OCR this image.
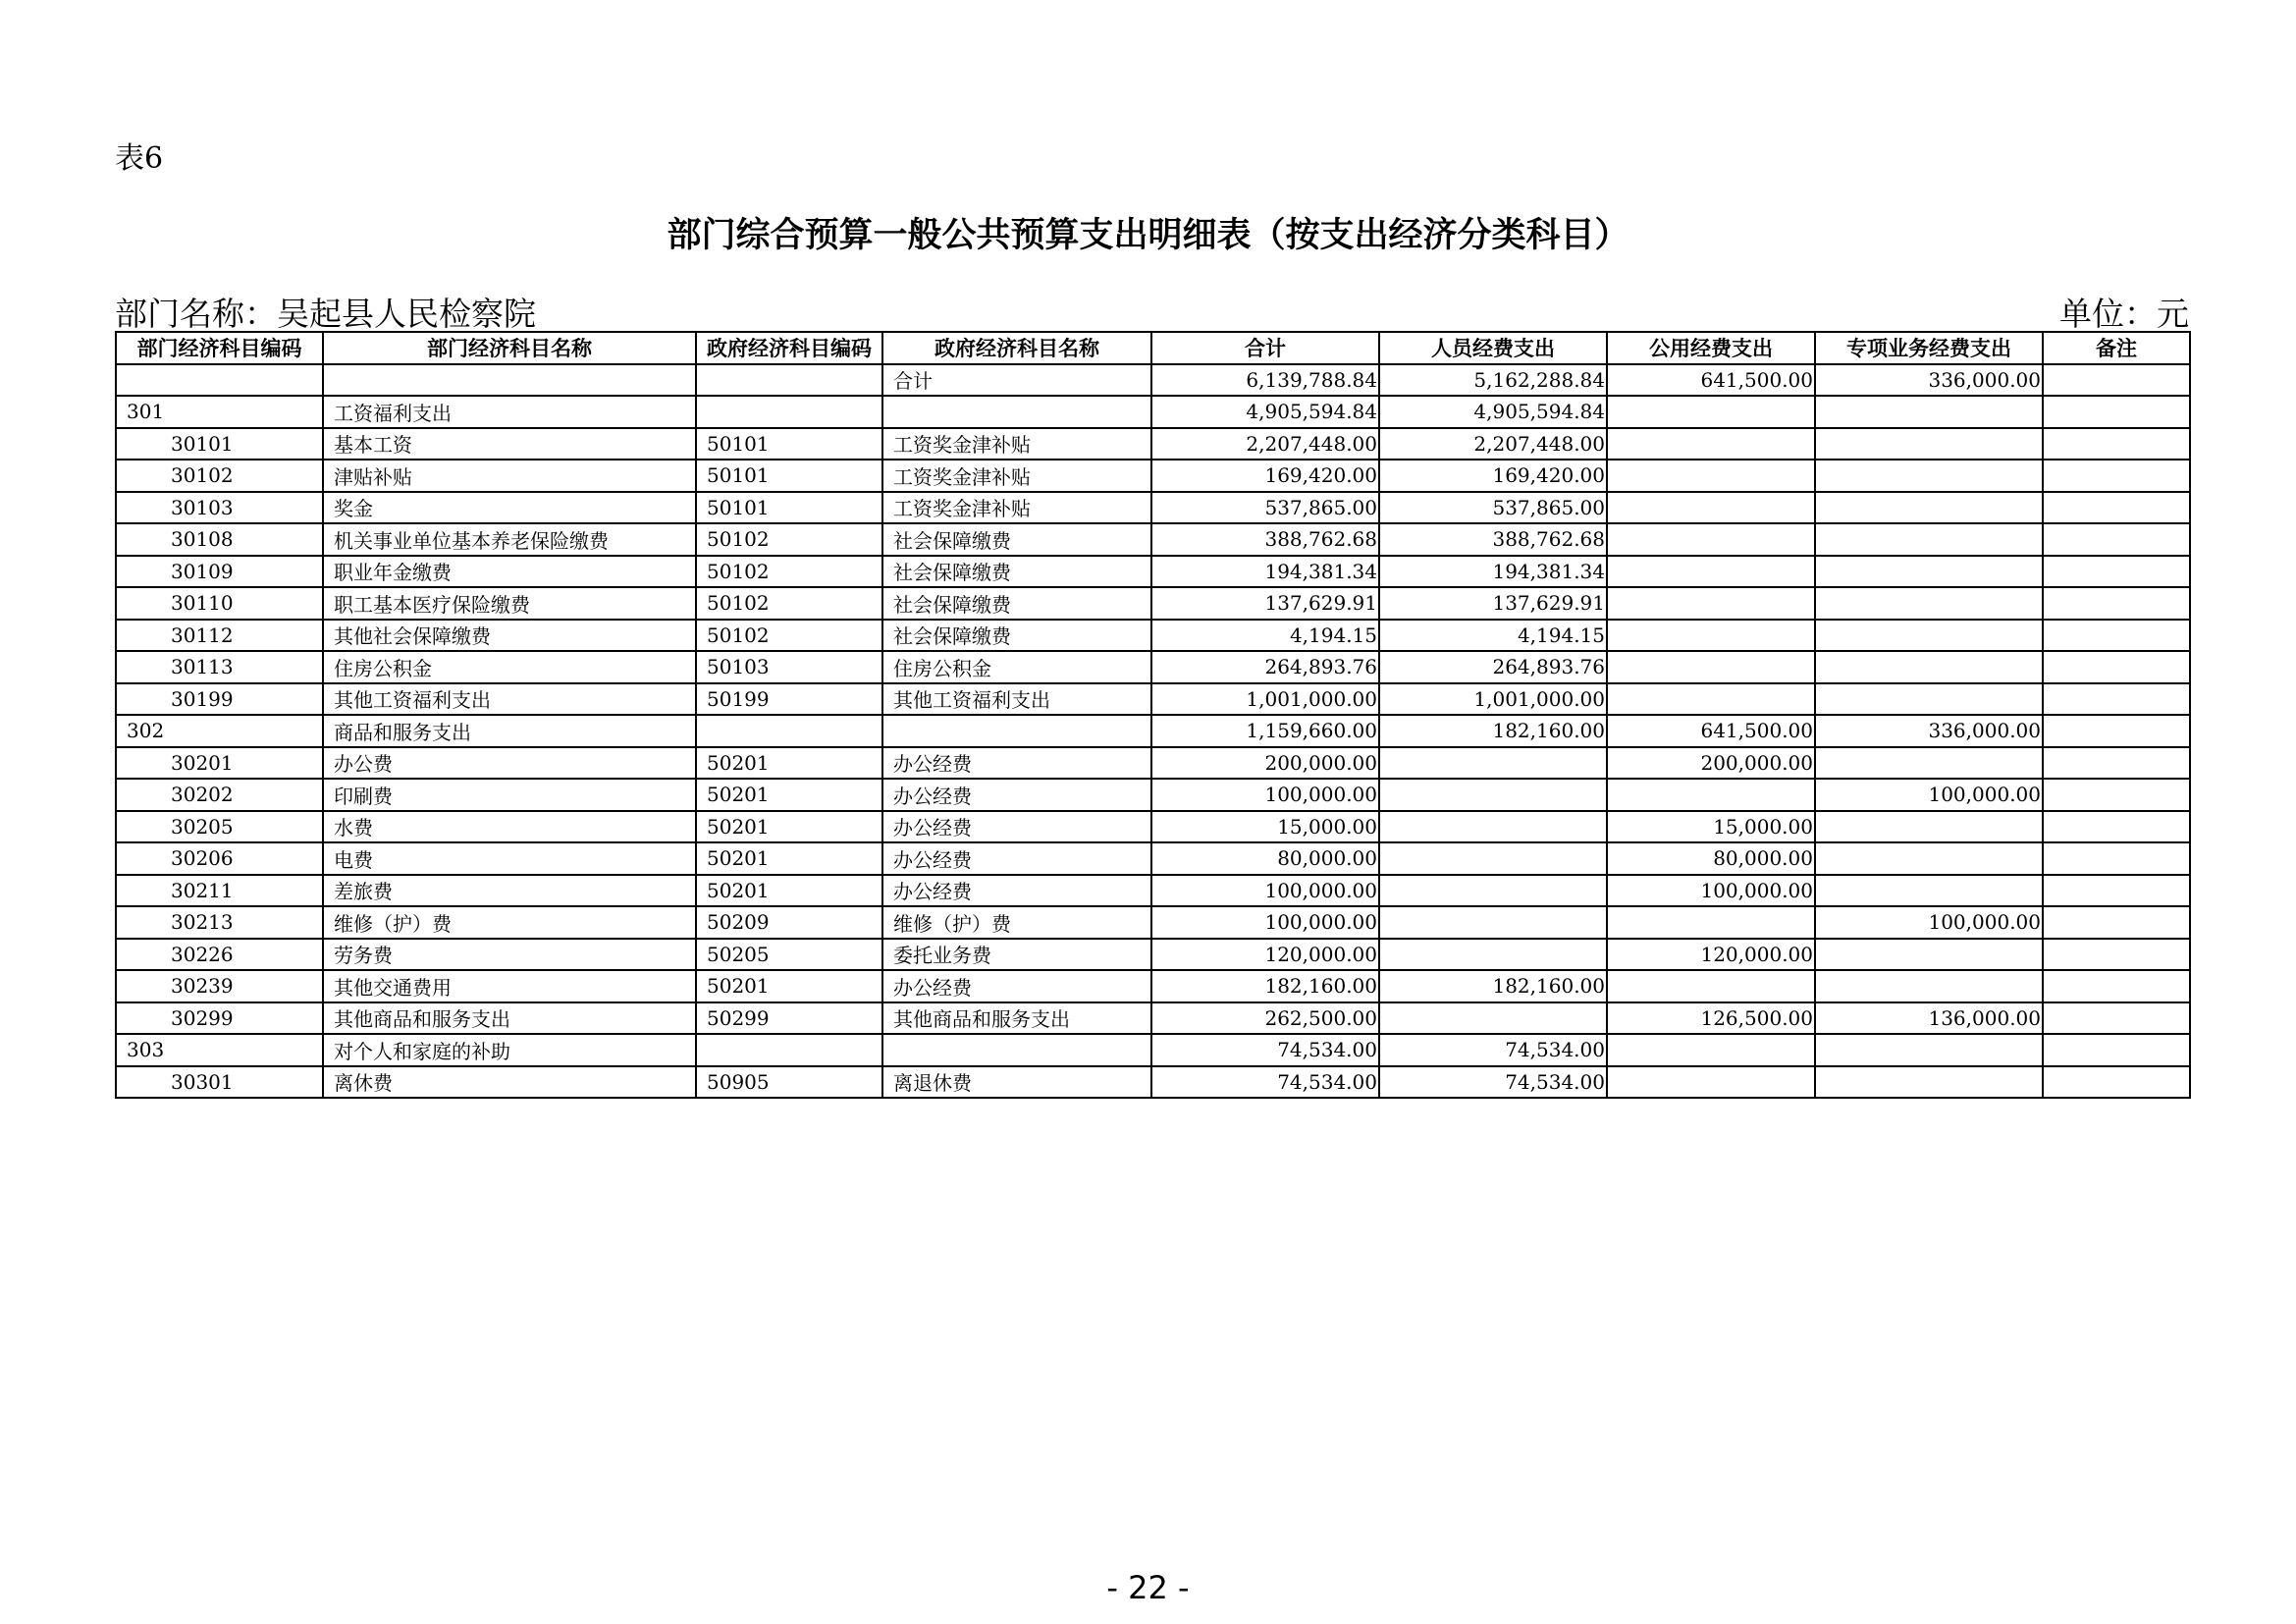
表6
部门综合预算一般公共预算支出明细表（按支出经济分类科目）
部门名称：吴起县人民检察院	单位：元
部门经济科目编码	部门经济科目名称	政府经济科目编码	政府经济科目名称	合计	人员经费支出	公用经费支出	专项业务经费支出	备注
			合计	6,139,788.84	5,162,288.84	641,500.00	336,000.00	
301	工资福利支出			4,905,594.84	4,905,594.84			
30101	基本工资	50101	工资奖金津补贴	2,207,448.00	2,207,448.00			
30102	津贴补贴	50101	工资奖金津补贴	169,420.00	169,420.00			
30103	奖金	50101	工资奖金津补贴	537,865.00	537,865.00			
30108	机关事业单位基本养老保险缴费	50102	社会保障缴费	388,762.68	388,762.68			
30109	职业年金缴费	50102	社会保障缴费	194,381.34	194,381.34			
30110	职工基本医疗保险缴费	50102	社会保障缴费	137,629.91	137,629.91			
30112	其他社会保障缴费	50102	社会保障缴费	4,194.15	4,194.15			
30113	住房公积金	50103	住房公积金	264,893.76	264,893.76			
30199	其他工资福利支出	50199	其他工资福利支出	1,001,000.00	1,001,000.00			
302	商品和服务支出			1,159,660.00	182,160.00	641,500.00	336,000.00	
30201	办公费	50201	办公经费	200,000.00		200,000.00		
30202	印刷费	50201	办公经费	100,000.00			100,000.00	
30205	水费	50201	办公经费	15,000.00		15,000.00		
30206	电费	50201	办公经费	80,000.00		80,000.00		
30211	差旅费	50201	办公经费	100,000.00		100,000.00		
30213	维修（护）费	50209	维修（护）费	100,000.00			100,000.00	
30226	劳务费	50205	委托业务费	120,000.00		120,000.00		
30239	其他交通费用	50201	办公经费	182,160.00	182,160.00			
30299	其他商品和服务支出	50299	其他商品和服务支出	262,500.00		126,500.00	136,000.00	
303	对个人和家庭的补助			74,534.00	74,534.00			
30301	离休费	50905	离退休费	74,534.00	74,534.00			
- 22 -
